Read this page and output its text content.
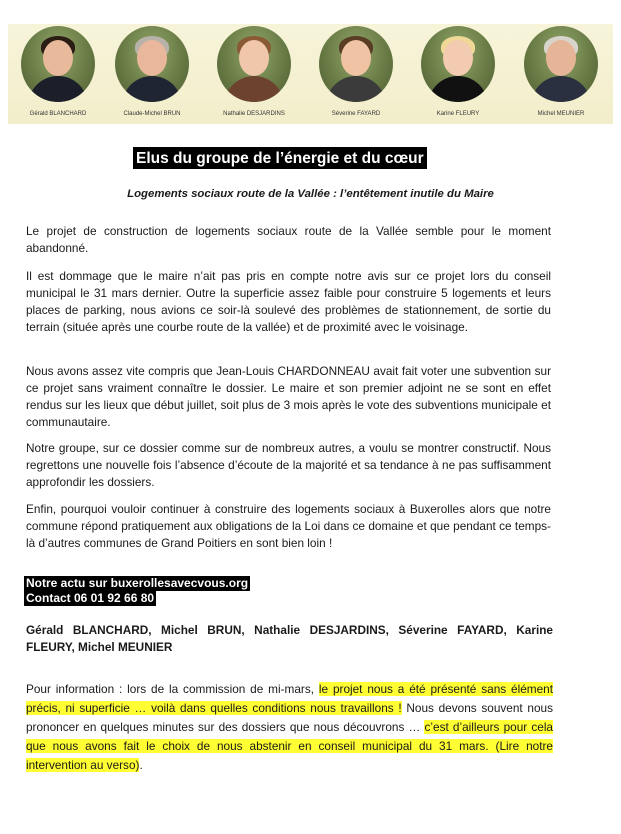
Gérald BLANCHARD	Claude-Michel BRUN	Nathalie DESJARDINS	Séverine FAYARD	Karine FLEURY	Michel MEUNIER
Elus du groupe de l’énergie et du cœur
Logements sociaux route de la Vallée : l’entêtement inutile du Maire

Le projet de construction de logements sociaux route de la Vallée semble pour le moment abandonné.

Il est dommage que le maire n’ait pas pris en compte notre avis sur ce projet lors du conseil municipal le 31 mars dernier. Outre la superficie assez faible pour construire 5 logements et leurs places de parking, nous avions ce soir-là soulevé des problèmes de stationnement, de sortie du terrain (située après une courbe route de la vallée) et de proximité avec le voisinage.

Nous avons assez vite compris que Jean-Louis CHARDONNEAU avait fait voter une subvention sur ce projet sans vraiment connaître le dossier. Le maire et son premier adjoint ne se sont en effet rendus sur les lieux que début juillet, soit plus de 3 mois après le vote des subventions municipale et communautaire.

Notre groupe, sur ce dossier comme sur de nombreux autres, a voulu se montrer constructif. Nous regrettons une nouvelle fois l’absence d’écoute de la majorité et sa tendance à ne pas suffisamment approfondir les dossiers.

Enfin, pourquoi vouloir continuer à construire des logements sociaux à Buxerolles alors que notre commune répond pratiquement aux obligations de la Loi dans ce domaine et que pendant ce temps-là d’autres communes de Grand Poitiers en sont bien loin !

Notre actu sur buxerollesavecvous.org
Contact 06 01 92 66 80

Gérald BLANCHARD, Michel BRUN, Nathalie DESJARDINS, Séverine FAYARD, Karine FLEURY, Michel MEUNIER

Pour information : lors de la commission de mi-mars, le projet nous a été présenté sans élément précis, ni superficie … voilà dans quelles conditions nous travaillons ! Nous devons souvent nous prononcer en quelques minutes sur des dossiers que nous découvrons … c’est d’ailleurs pour cela que nous avons fait le choix de nous abstenir en conseil municipal du 31 mars. (Lire notre intervention au verso).
